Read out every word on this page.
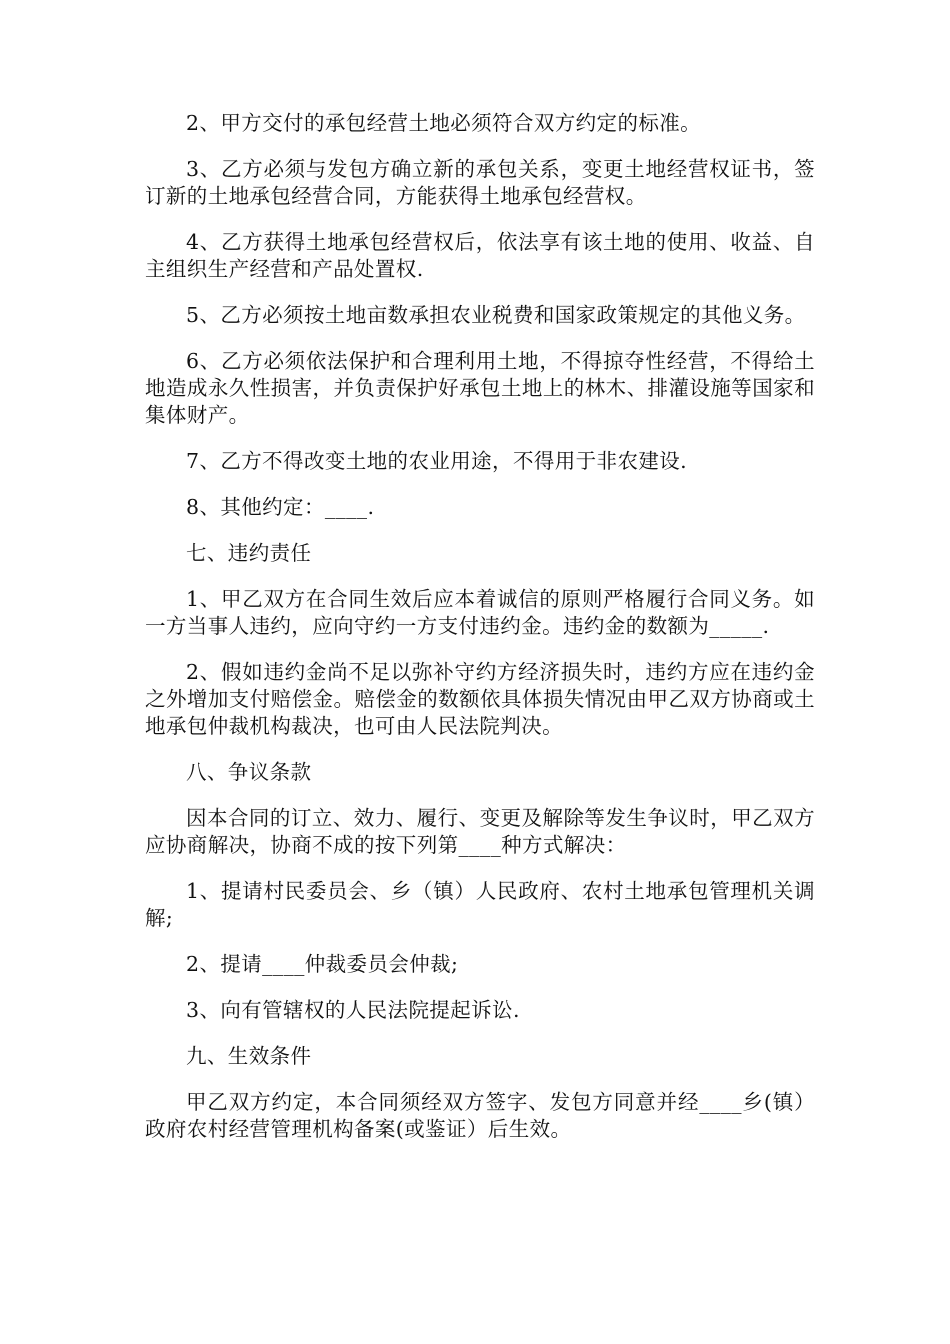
2、甲方交付的承包经营土地必须符合双方约定的标准。

3、乙方必须与发包方确立新的承包关系，变更土地经营权证书，签订新的土地承包经营合同，方能获得土地承包经营权。

4、乙方获得土地承包经营权后，依法享有该土地的使用、收益、自主组织生产经营和产品处置权.

5、乙方必须按土地亩数承担农业税费和国家政策规定的其他义务。

6、乙方必须依法保护和合理利用土地，不得掠夺性经营，不得给土地造成永久性损害，并负责保护好承包土地上的林木、排灌设施等国家和集体财产。

7、乙方不得改变土地的农业用途，不得用于非农建设.

8、其他约定：____.

七、违约责任

1、甲乙双方在合同生效后应本着诚信的原则严格履行合同义务。如一方当事人违约，应向守约一方支付违约金。违约金的数额为_____.

2、假如违约金尚不足以弥补守约方经济损失时，违约方应在违约金之外增加支付赔偿金。赔偿金的数额依具体损失情况由甲乙双方协商或土地承包仲裁机构裁决，也可由人民法院判决。

八、争议条款

因本合同的订立、效力、履行、变更及解除等发生争议时，甲乙双方应协商解决，协商不成的按下列第____种方式解决：

1、提请村民委员会、乡（镇）人民政府、农村土地承包管理机关调解;

2、提请____仲裁委员会仲裁;

3、向有管辖权的人民法院提起诉讼.

九、生效条件

甲乙双方约定，本合同须经双方签字、发包方同意并经____乡(镇）政府农村经营管理机构备案(或鉴证）后生效。
